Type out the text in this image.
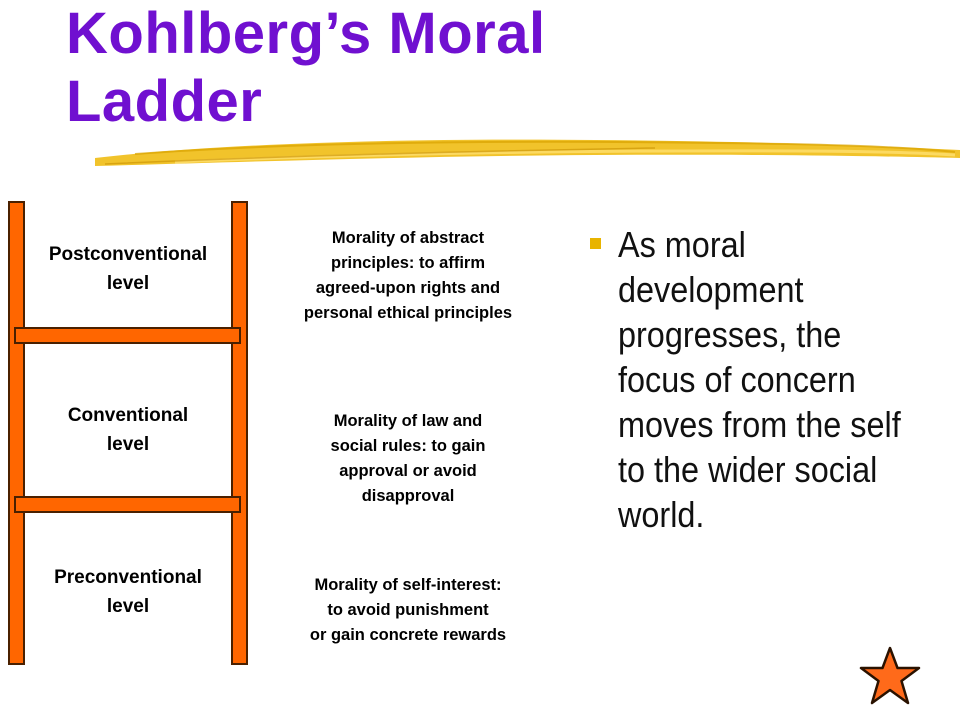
Kohlberg’s Moral
Ladder
Postconventional
level
Conventional
level
Preconventional
level
Morality of abstract
principles: to affirm
agreed-upon rights and
personal ethical principles
Morality of law and
social rules: to gain
approval or avoid
disapproval
Morality of self-interest:
to avoid punishment
or gain concrete rewards
As moral development progresses, the focus of concern moves from the self to the wider social world.
